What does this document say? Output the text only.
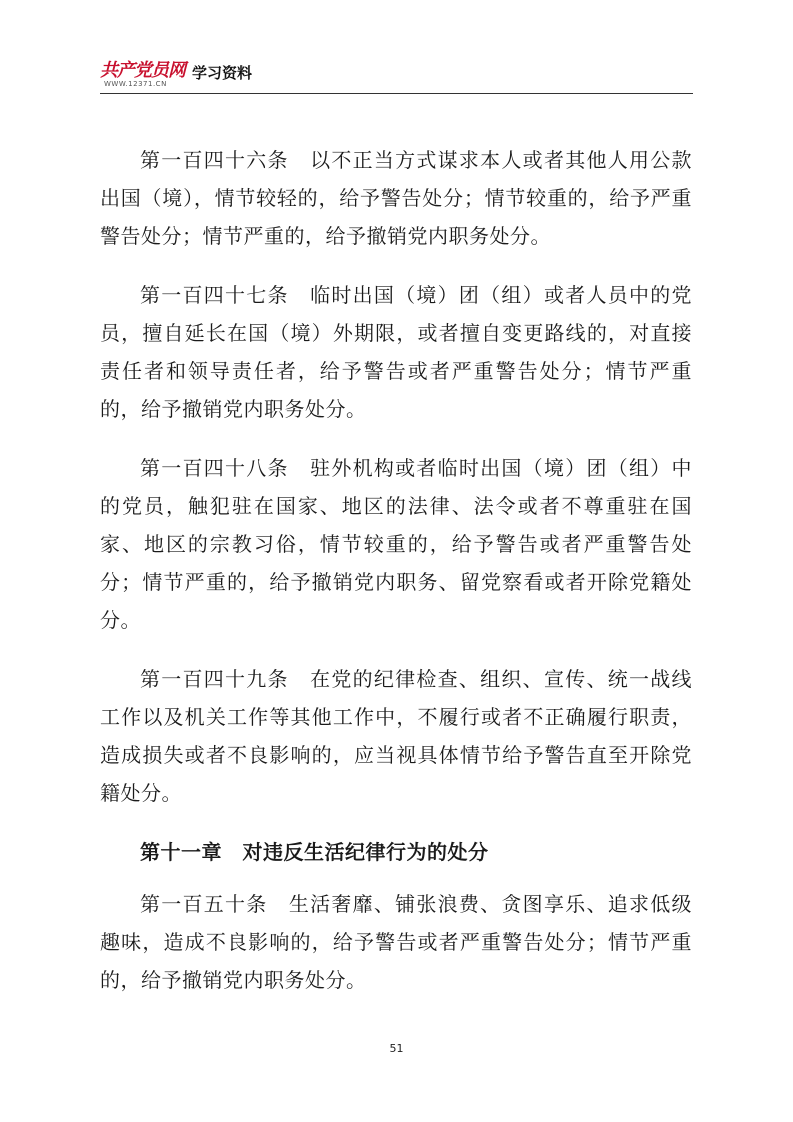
共产党员网
WWW.12371.CN
学习资料

第一百四十六条　以不正当方式谋求本人或者其他人用公款出国（境），情节较轻的，给予警告处分；情节较重的，给予严重警告处分；情节严重的，给予撤销党内职务处分。

第一百四十七条　临时出国（境）团（组）或者人员中的党员，擅自延长在国（境）外期限，或者擅自变更路线的，对直接责任者和领导责任者，给予警告或者严重警告处分；情节严重的，给予撤销党内职务处分。

第一百四十八条　驻外机构或者临时出国（境）团（组）中的党员，触犯驻在国家、地区的法律、法令或者不尊重驻在国家、地区的宗教习俗，情节较重的，给予警告或者严重警告处分；情节严重的，给予撤销党内职务、留党察看或者开除党籍处分。

第一百四十九条　在党的纪律检查、组织、宣传、统一战线工作以及机关工作等其他工作中，不履行或者不正确履行职责，造成损失或者不良影响的，应当视具体情节给予警告直至开除党籍处分。

第十一章　对违反生活纪律行为的处分

第一百五十条　生活奢靡、铺张浪费、贪图享乐、追求低级趣味，造成不良影响的，给予警告或者严重警告处分；情节严重的，给予撤销党内职务处分。

51
